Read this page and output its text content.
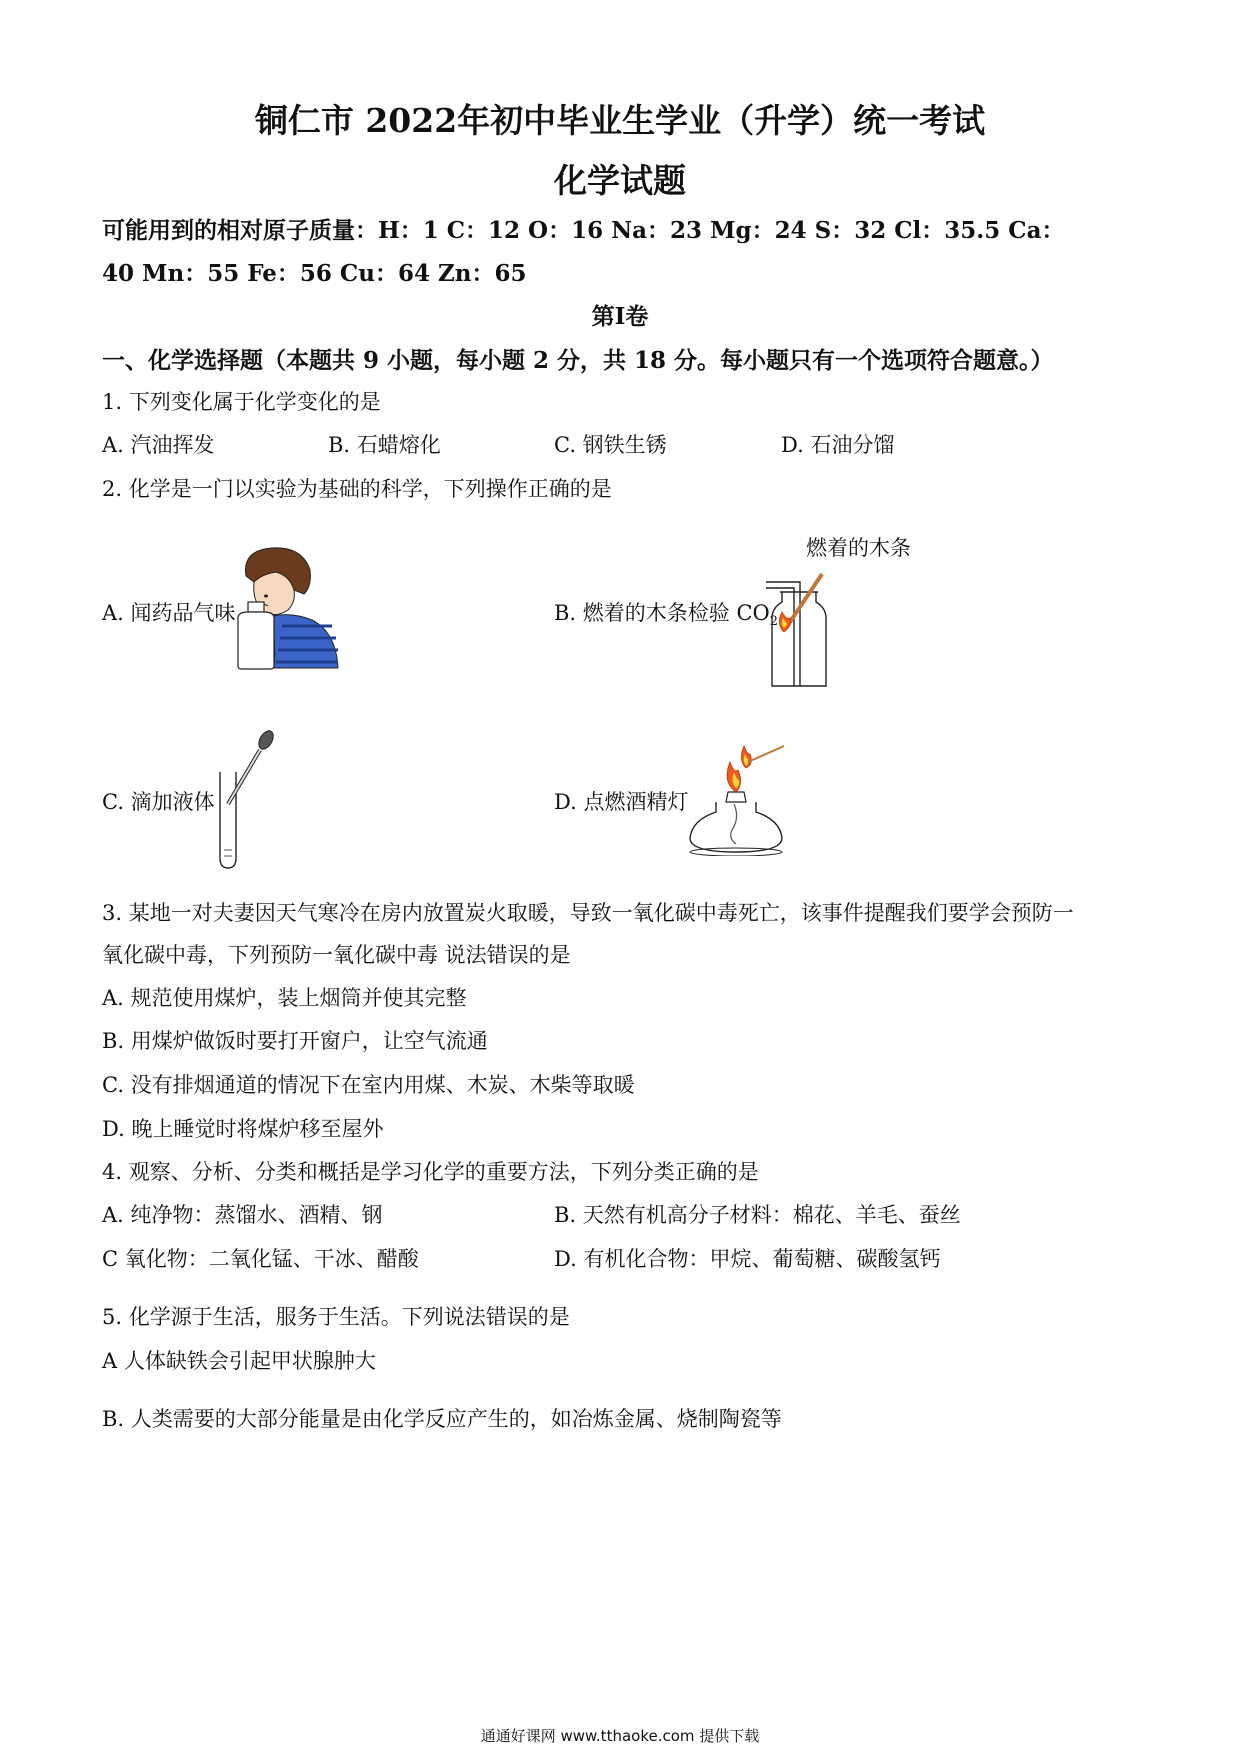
铜仁市 2022年初中毕业生学业（升学）统一考试
化学试题
可能用到的相对原子质量：H：1 C：12 O：16 Na：23 Mg：24 S：32 Cl：35.5 Ca：
40 Mn：55 Fe：56 Cu：64 Zn：65
第Ⅰ卷
一、化学选择题（本题共 9 小题，每小题 2 分，共 18 分。每小题只有一个选项符合题意。）
1. 下列变化属于化学变化的是
A. 汽油挥发	B. 石蜡熔化	C. 钢铁生锈	D. 石油分馏
2. 化学是一门以实验为基础的科学，下列操作正确的是
A. 闻药品气味	B. 燃着的木条检验 $CO_2$
燃着的木条
C. 滴加液体	D. 点燃酒精灯
3. 某地一对夫妻因天气寒冷在房内放置炭火取暖，导致一氧化碳中毒死亡，该事件提醒我们要学会预防一
氧化碳中毒，下列预防一氧化碳中毒 说法错误的是
A. 规范使用煤炉，装上烟筒并使其完整
B. 用煤炉做饭时要打开窗户，让空气流通
C. 没有排烟通道的情况下在室内用煤、木炭、木柴等取暖
D. 晚上睡觉时将煤炉移至屋外
4. 观察、分析、分类和概括是学习化学的重要方法，下列分类正确的是
A. 纯净物：蒸馏水、酒精、钢	B. 天然有机高分子材料：棉花、羊毛、蚕丝
C 氧化物：二氧化锰、干冰、醋酸	D. 有机化合物：甲烷、葡萄糖、碳酸氢钙
5. 化学源于生活，服务于生活。下列说法错误的是
A 人体缺铁会引起甲状腺肿大
B. 人类需要的大部分能量是由化学反应产生的，如冶炼金属、烧制陶瓷等
通通好课网 www.tthaoke.com 提供下载
